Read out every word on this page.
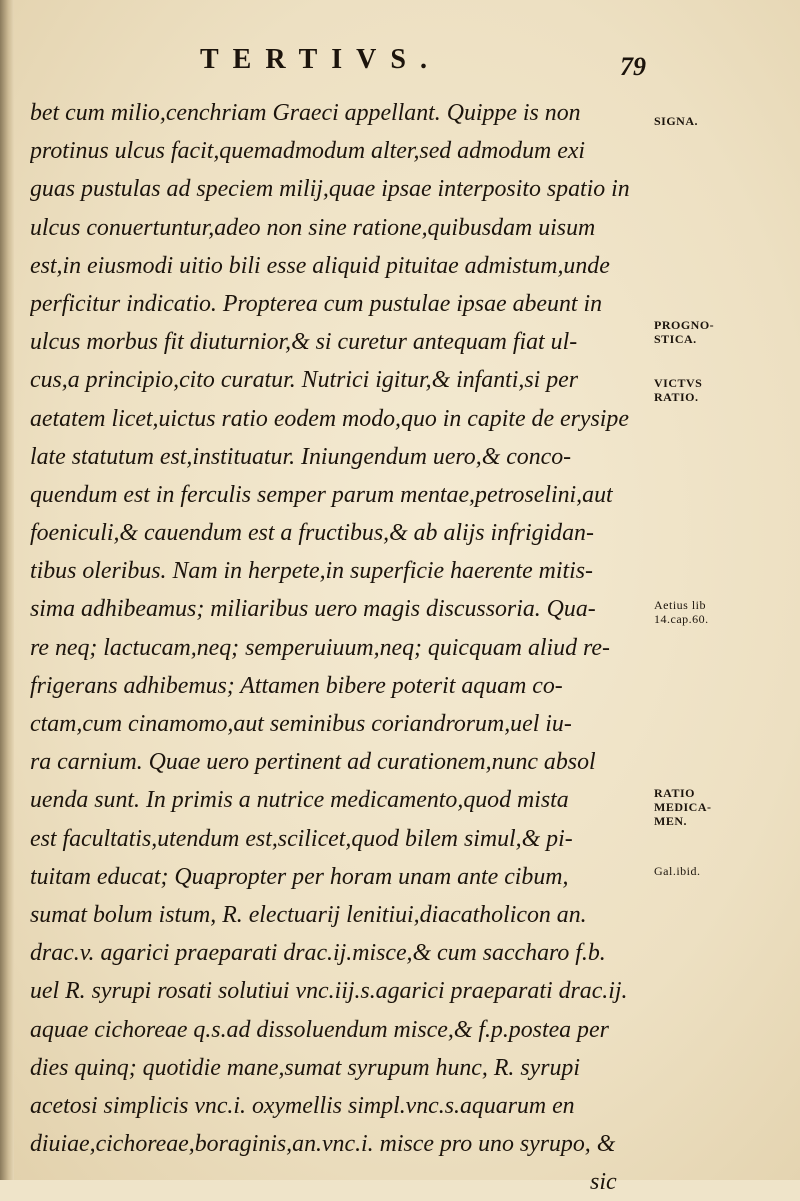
TERTIVS.	79
bet cum milio,cenchriam Graeci appellant. Quippe is non
protinus ulcus facit,quemadmodum alter,sed admodum exi
guas pustulas ad speciem milij,quae ipsae interposito spatio in
ulcus conuertuntur,adeo non sine ratione,quibusdam uisum
est,in eiusmodi uitio bili esse aliquid pituitae admistum,unde
perficitur indicatio. Propterea cum pustulae ipsae abeunt in
ulcus morbus fit diuturnior,& si curetur antequam fiat ul-
cus,a principio,cito curatur. Nutrici igitur,& infanti,si per
aetatem licet,uictus ratio eodem modo,quo in capite de erysipe
late statutum est,instituatur. Iniungendum uero,& conco-
quendum est in ferculis semper parum mentae,petroselini,aut
foeniculi,& cauendum est a fructibus,& ab alijs infrigidan-
tibus oleribus. Nam in herpete,in superficie haerente mitis-
sima adhibeamus; miliaribus uero magis discussoria. Qua-
re neq; lactucam,neq; semperuiuum,neq; quicquam aliud re-
frigerans adhibemus; Attamen bibere poterit aquam co-
ctam,cum cinamomo,aut seminibus coriandrorum,uel iu-
ra carnium. Quae uero pertinent ad curationem,nunc absol
uenda sunt. In primis a nutrice medicamento,quod mista
est facultatis,utendum est,scilicet,quod bilem simul,& pi-
tuitam educat; Quapropter per horam unam ante cibum,
sumat bolum istum, R. electuarij lenitiui,diacatholicon an.
drac.v. agarici praeparati drac.ij.misce,& cum saccharo f.b.
uel R. syrupi rosati solutiui vnc.iij.s.agarici praeparati drac.ij.
aquae cichoreae q.s.ad dissoluendum misce,& f.p.postea per
dies quinq; quotidie mane,sumat syrupum hunc, R. syrupi
acetosi simplicis vnc.i. oxymellis simpl.vnc.s.aquarum en
diuiae,cichoreae,boraginis,an.vnc.i. misce pro uno syrupo, &
sic
SIGNA.
PROGNO-
STICA.
VICTVS
RATIO.
Aetius lib
14.cap.60.
RATIO
MEDICA-
MEN.
Gal.ibid.
